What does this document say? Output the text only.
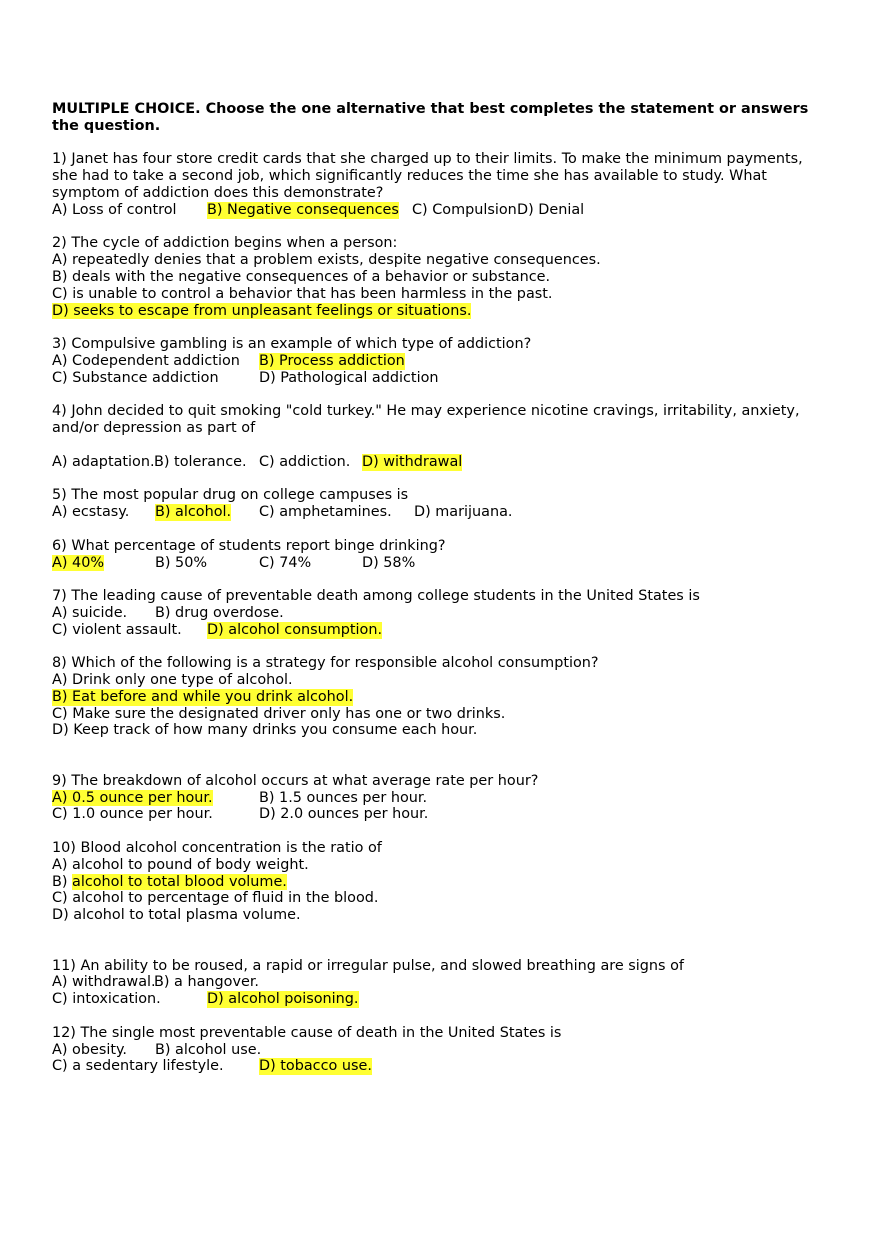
MULTIPLE CHOICE. Choose the one alternative that best completes the statement or answers the question.

1) Janet has four store credit cards that she charged up to their limits. To make the minimum payments, she had to take a second job, which significantly reduces the time she has available to study. What symptom of addiction does this demonstrate?
A) Loss of control B) Negative consequences C) Compulsion D) Denial
2) The cycle of addiction begins when a person:
A) repeatedly denies that a problem exists, despite negative consequences.
B) deals with the negative consequences of a behavior or substance.
C) is unable to control a behavior that has been harmless in the past.
D) seeks to escape from unpleasant feelings or situations.
3) Compulsive gambling is an example of which type of addiction?
A) Codependent addiction B) Process addiction
C) Substance addiction	D) Pathological addiction
4) John decided to quit smoking "cold turkey." He may experience nicotine cravings, irritability, anxiety, and/or depression as part of
A) adaptation. B) tolerance. C) addiction. D) withdrawal
5) The most popular drug on college campuses is
A) ecstasy. B) alcohol. C) amphetamines. D) marijuana.
6) What percentage of students report binge drinking?
A) 40%	B) 50%	C) 74%	D) 58%
7) The leading cause of preventable death among college students in the United States is
A) suicide. B) drug overdose.
C) violent assault. D) alcohol consumption.
8) Which of the following is a strategy for responsible alcohol consumption?
A) Drink only one type of alcohol.
B) Eat before and while you drink alcohol.
C) Make sure the designated driver only has one or two drinks.
D) Keep track of how many drinks you consume each hour.
9) The breakdown of alcohol occurs at what average rate per hour?
A) 0.5 ounce per hour.	B) 1.5 ounces per hour.
C) 1.0 ounce per hour.	D) 2.0 ounces per hour.
10) Blood alcohol concentration is the ratio of
A) alcohol to pound of body weight.
B) alcohol to total blood volume.
C) alcohol to percentage of fluid in the blood.
D) alcohol to total plasma volume.
11) An ability to be roused, a rapid or irregular pulse, and slowed breathing are signs of
A) withdrawal.
B) a hangover.
C) intoxication.	D) alcohol poisoning.
12) The single most preventable cause of death in the United States is
A) obesity. B) alcohol use.
C) a sedentary lifestyle. D) tobacco use.
